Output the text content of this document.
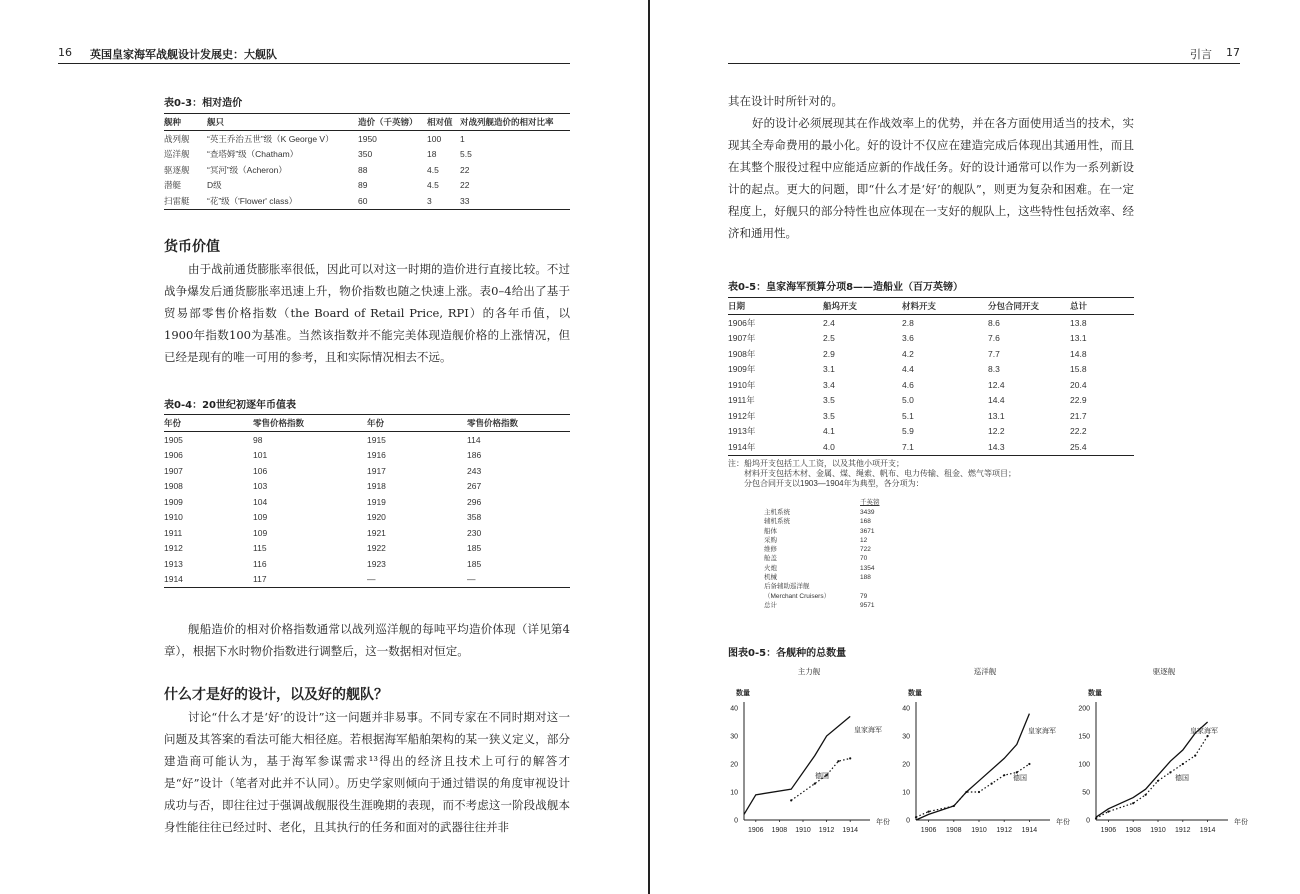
16 英国皇家海军战舰设计发展史：大舰队
表0-3：相对造价
舰种	舰只	造价（千英镑）	相对值	对战列舰造价的相对比率
战列舰	“英王乔治五世”级（K George V）	1950	100	1
巡洋舰	“查塔姆”级（Chatham）	350	18	5.5
驱逐舰	“冥河”级（Acheron）	88	4.5	22
潜艇	D级	89	4.5	22
扫雷艇	“花”级（'Flower' class）	60	3	33
货币价值

由于战前通货膨胀率很低，因此可以对这一时期的造价进行直接比较。不过战争爆发后通货膨胀率迅速上升，物价指数也随之快速上涨。表0–4给出了基于贸易部零售价格指数（the Board of Retail Price, RPI）的各年币值，以1900年指数100为基准。当然该指数并不能完美体现造舰价格的上涨情况，但已经是现有的唯一可用的参考，且和实际情况相去不远。

表0-4：20世纪初逐年币值表
年份	零售价格指数	年份	零售价格指数
1905	98	1915	114
1906	101	1916	186
1907	106	1917	243
1908	103	1918	267
1909	104	1919	296
1910	109	1920	358
1911	109	1921	230
1912	115	1922	185
1913	116	1923	185
1914	117	—	—

舰船造价的相对价格指数通常以战列巡洋舰的每吨平均造价体现（详见第4章），根据下水时物价指数进行调整后，这一数据相对恒定。

什么才是好的设计，以及好的舰队？

讨论“什么才是‘好’的设计”这一问题并非易事。不同专家在不同时期对这一问题及其答案的看法可能大相径庭。若根据海军船舶架构的某一狭义定义，部分建造商可能认为，基于海军参谋需求¹³得出的经济且技术上可行的解答才是“好”设计（笔者对此并不认同）。历史学家则倾向于通过错误的角度审视设计成功与否，即往往过于强调战舰服役生涯晚期的表现，而不考虑这一阶段战舰本身性能往往已经过时、老化，且其执行的任务和面对的武器往往并非

引言 17

其在设计时所针对的。

好的设计必须展现其在作战效率上的优势，并在各方面使用适当的技术，实现其全寿命费用的最小化。好的设计不仅应在建造完成后体现出其通用性，而且在其整个服役过程中应能适应新的作战任务。好的设计通常可以作为一系列新设计的起点。更大的问题，即“什么才是‘好’的舰队”，则更为复杂和困难。在一定程度上，好舰只的部分特性也应体现在一支好的舰队上，这些特性包括效率、经济和通用性。

表0-5：皇家海军预算分项8——造船业（百万英镑）
日期	船坞开支	材料开支	分包合同开支	总计
1906年	2.4	2.8	8.6	13.8
1907年	2.5	3.6	7.6	13.1
1908年	2.9	4.2	7.7	14.8
1909年	3.1	4.4	8.3	15.8
1910年	3.4	4.6	12.4	20.4
1911年	3.5	5.0	14.4	22.9
1912年	3.5	5.1	13.1	21.7
1913年	4.1	5.9	12.2	22.2
1914年	4.0	7.1	14.3	25.4
注：船坞开支包括工人工资，以及其他小项开支；
材料开支包括木材、金属、煤、绳索、帆布、电力传输、租金、燃气等项目；
分包合同开支以1903—1904年为典型，各分项为：
千英镑
主机系统	3439
辅机系统	168
船体	3671
采购	12
维修	722
舱盖	70
火炮	1354
机械	188
后备辅助巡洋舰
（Merchant Cruisers）	79
总计	9571
图表0-5：各舰种的总数量
主力舰
数量
0
10
20
30
40
1906 1908 1910 1912 1914
年份
皇家海军
德国
巡洋舰
数量
0
10
20
30
40
1906 1908 1910 1912 1914
年份
皇家海军
德国
驱逐舰
数量
0
50
100
150
200
1906 1908 1910 1912 1914
年份
皇家海军
德国
